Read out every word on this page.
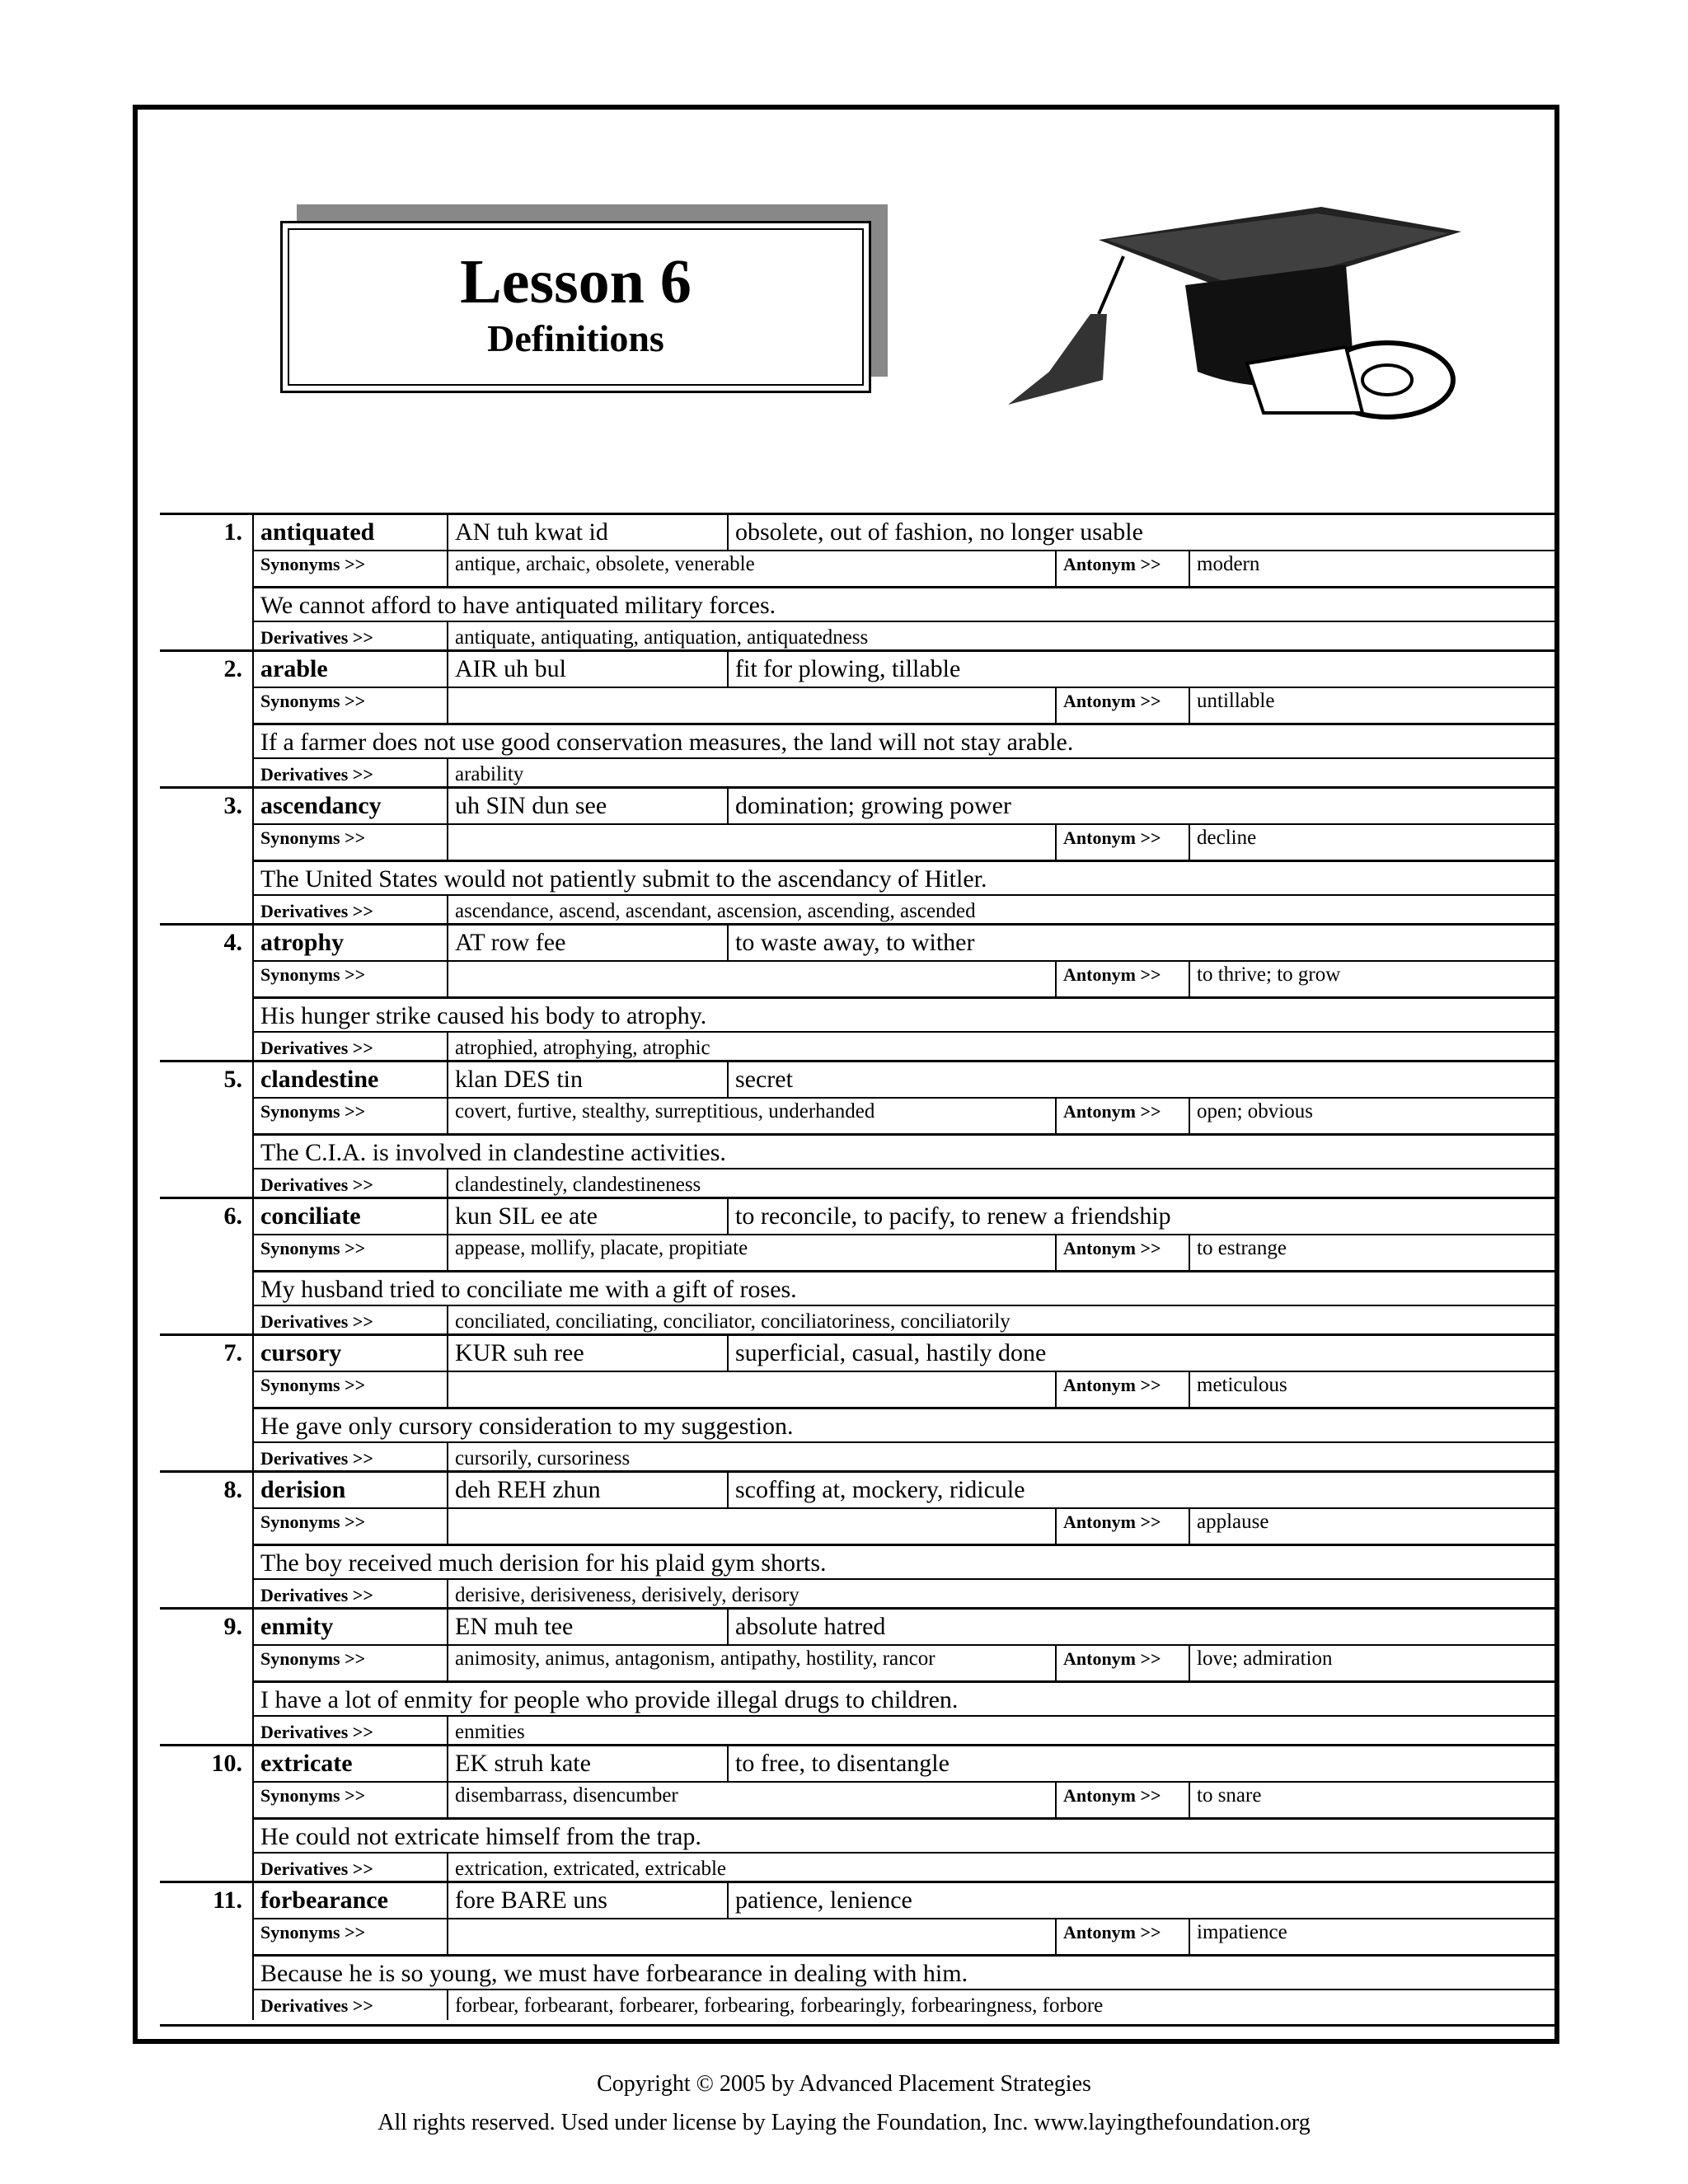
Lesson 6
Definitions
1. antiquated	AN tuh kwat id	obsolete, out of fashion, no longer usable
Synonyms >>	antique, archaic, obsolete, venerable	Antonym >>	modern
We cannot afford to have antiquated military forces.
Derivatives >>	antiquate, antiquating, antiquation, antiquatedness
2. arable	AIR uh bul	fit for plowing, tillable
Synonyms >>	Antonym >>	untillable
If a farmer does not use good conservation measures, the land will not stay arable.
Derivatives >>	arability
3. ascendancy	uh SIN dun see	domination; growing power
Synonyms >>	Antonym >>	decline
The United States would not patiently submit to the ascendancy of Hitler.
Derivatives >>	ascendance, ascend, ascendant, ascension, ascending, ascended
4. atrophy	AT row fee	to waste away, to wither
Synonyms >>	Antonym >>	to thrive; to grow
His hunger strike caused his body to atrophy.
Derivatives >>	atrophied, atrophying, atrophic
5. clandestine	klan DES tin	secret
Synonyms >>	covert, furtive, stealthy, surreptitious, underhanded	Antonym >>	open; obvious
The C.I.A. is involved in clandestine activities.
Derivatives >>	clandestinely, clandestineness
6. conciliate	kun SIL ee ate	to reconcile, to pacify, to renew a friendship
Synonyms >>	appease, mollify, placate, propitiate	Antonym >>	to estrange
My husband tried to conciliate me with a gift of roses.
Derivatives >>	conciliated, conciliating, conciliator, conciliatoriness, conciliatorily
7. cursory	KUR suh ree	superficial, casual, hastily done
Synonyms >>	Antonym >>	meticulous
He gave only cursory consideration to my suggestion.
Derivatives >>	cursorily, cursoriness
8. derision	deh REH zhun	scoffing at, mockery, ridicule
Synonyms >>	Antonym >>	applause
The boy received much derision for his plaid gym shorts.
Derivatives >>	derisive, derisiveness, derisively, derisory
9. enmity	EN muh tee	absolute hatred
Synonyms >>	animosity, animus, antagonism, antipathy, hostility, rancor	Antonym >>	love; admiration
I have a lot of enmity for people who provide illegal drugs to children.
Derivatives >>	enmities
10. extricate	EK struh kate	to free, to disentangle
Synonyms >>	disembarrass, disencumber	Antonym >>	to snare
He could not extricate himself from the trap.
Derivatives >>	extrication, extricated, extricable
11. forbearance	fore BARE uns	patience, lenience
Synonyms >>	Antonym >>	impatience
Because he is so young, we must have forbearance in dealing with him.
Derivatives >>	forbear, forbearant, forbearer, forbearing, forbearingly, forbearingness, forbore
Copyright © 2005 by Advanced Placement Strategies
All rights reserved. Used under license by Laying the Foundation, Inc. www.layingthefoundation.org
